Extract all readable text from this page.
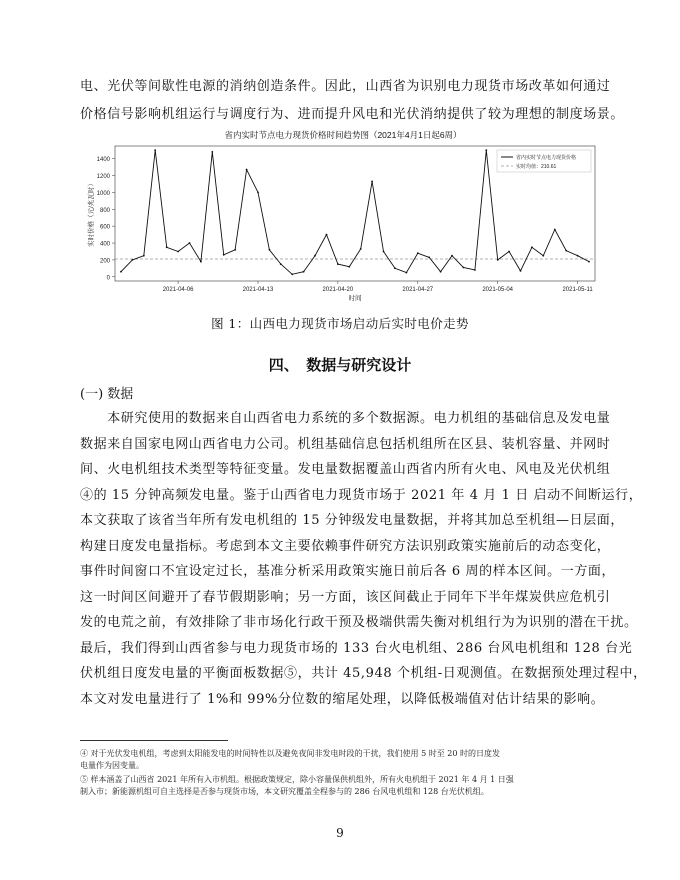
电、光伏等间歇性电源的消纳创造条件。因此，山西省为识别电力现货市场改革如何通过
价格信号影响机组运行与调度行为、进而提升风电和光伏消纳提供了较为理想的制度场景。
省内实时节点电力现货价格时间趋势图（2021年4月1日起6周）
0
200
400
600
800
1000
1200
1400
2021-04-06	2021-04-13	2021-04-20	2021-04-27	2021-05-04	2021-05-11
时间
实时价格（元/兆瓦时）
省内实时节点电力现货价格
实时均值：210.61
图 1：山西电力现货市场启动后实时电价走势
四、　数据与研究设计
(一) 数据
　　本研究使用的数据来自山西省电力系统的多个数据源。电力机组的基础信息及发电量
数据来自国家电网山西省电力公司。机组基础信息包括机组所在区县、装机容量、并网时
间、火电机组技术类型等特征变量。发电量数据覆盖山西省内所有火电、风电及光伏机组
④的 15 分钟高频发电量。鉴于山西省电力现货市场于 2021 年 4 月 1 日 启动不间断运行，
本文获取了该省当年所有发电机组的 15 分钟级发电量数据，并将其加总至机组—日层面，
构建日度发电量指标。考虑到本文主要依赖事件研究方法识别政策实施前后的动态变化，
事件时间窗口不宜设定过长，基准分析采用政策实施日前后各 6 周的样本区间。一方面，
这一时间区间避开了春节假期影响；另一方面，该区间截止于同年下半年煤炭供应危机引
发的电荒之前，有效排除了非市场化行政干预及极端供需失衡对机组行为为识别的潜在干扰。
最后，我们得到山西省参与电力现货市场的 133 台火电机组、286 台风电机组和 128 台光
伏机组日度发电量的平衡面板数据⑤，共计 45,948 个机组-日观测值。在数据预处理过程中，
本文对发电量进行了 1%和 99%分位数的缩尾处理，以降低极端值对估计结果的影响。
④ 对于光伏发电机组，考虑到太阳能发电的时间特性以及避免夜间非发电时段的干扰，我们使用 5 时至 20 时的日度发
电量作为因变量。
⑤ 样本涵盖了山西省 2021 年所有入市机组。根据政策规定，除小容量保供机组外，所有火电机组于 2021 年 4 月 1 日强
制入市；新能源机组可自主选择是否参与现货市场，本文研究覆盖全程参与的 286 台风电机组和 128 台光伏机组。
9
